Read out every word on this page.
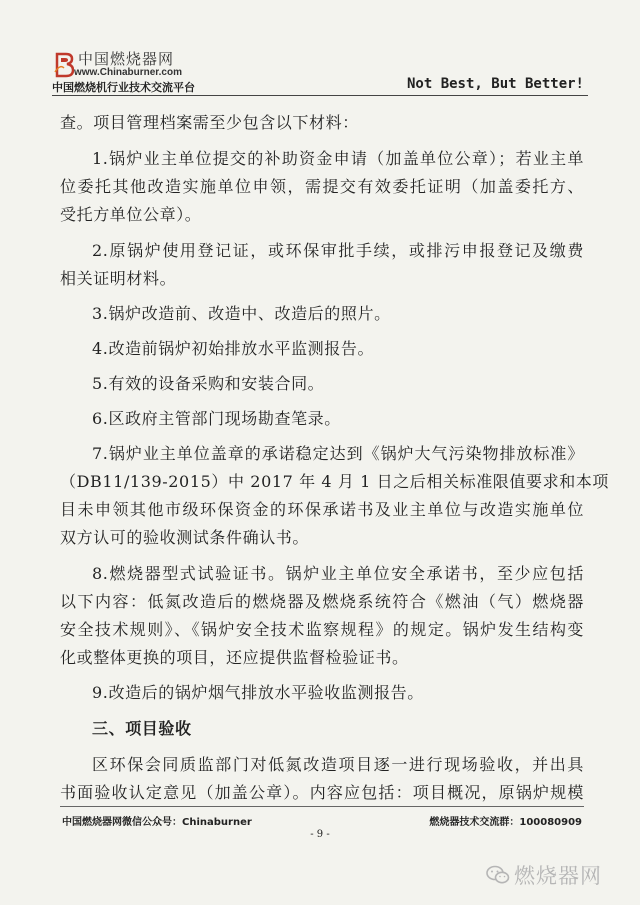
中国燃烧器网
www.Chinaburner.com
中国燃烧机行业技术交流平台	Not Best, But Better!
查。项目管理档案需至少包含以下材料：
1.锅炉业主单位提交的补助资金申请（加盖单位公章）；若业主单
位委托其他改造实施单位申领，需提交有效委托证明（加盖委托方、
受托方单位公章）。
2.原锅炉使用登记证，或环保审批手续，或排污申报登记及缴费
相关证明材料。
3.锅炉改造前、改造中、改造后的照片。
4.改造前锅炉初始排放水平监测报告。
5.有效的设备采购和安装合同。
6.区政府主管部门现场勘查笔录。
7.锅炉业主单位盖章的承诺稳定达到《锅炉大气污染物排放标准》
（DB11/139-2015）中 2017 年 4 月 1 日之后相关标准限值要求和本项
目未申领其他市级环保资金的环保承诺书及业主单位与改造实施单位
双方认可的验收测试条件确认书。
8.燃烧器型式试验证书。锅炉业主单位安全承诺书，至少应包括
以下内容：低氮改造后的燃烧器及燃烧系统符合《燃油（气）燃烧器
安全技术规则》、《锅炉安全技术监察规程》的规定。锅炉发生结构变
化或整体更换的项目，还应提供监督检验证书。
9.改造后的锅炉烟气排放水平验收监测报告。
三、项目验收
区环保会同质监部门对低氮改造项目逐一进行现场验收，并出具
书面验收认定意见（加盖公章）。内容应包括：项目概况，原锅炉规模
中国燃烧器网微信公众号：Chinaburner	燃烧器技术交流群：100080909
- 9 -
燃烧器网
